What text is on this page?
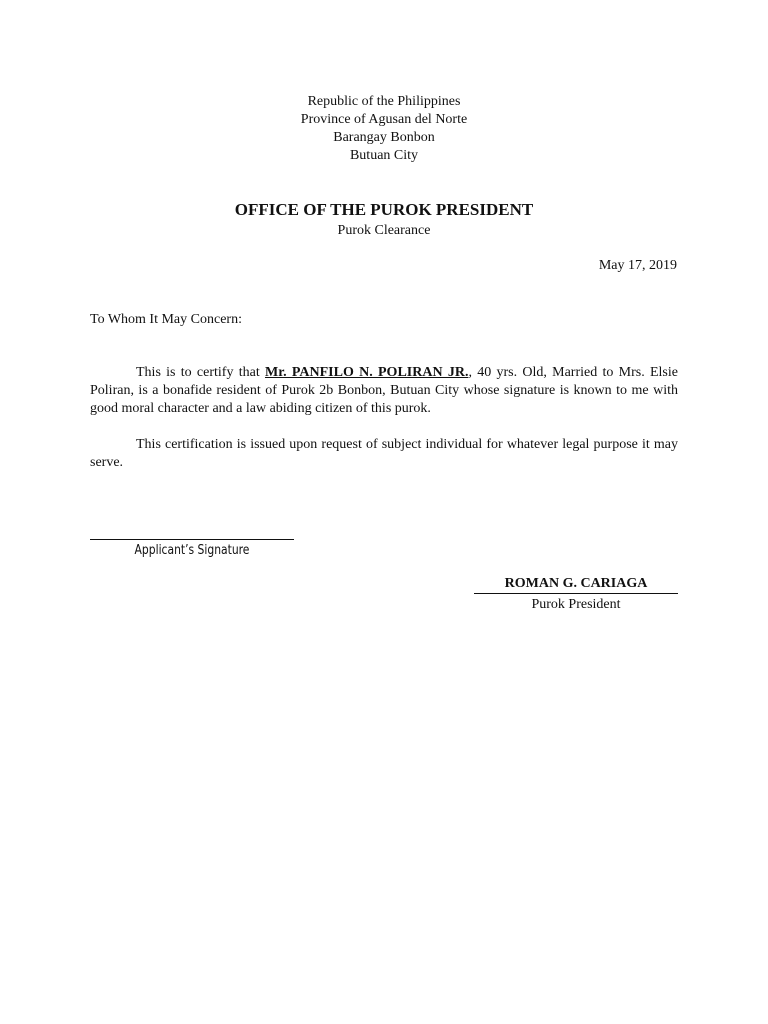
Republic of the Philippines
Province of Agusan del Norte
Barangay Bonbon
Butuan City
OFFICE OF THE PUROK PRESIDENT
Purok Clearance
May 17, 2019
To Whom It May Concern:

This is to certify that Mr. PANFILO N. POLIRAN JR., 40 yrs. Old, Married to Mrs. Elsie Poliran, is a bonafide resident of Purok 2b Bonbon, Butuan City whose signature is known to me with good moral character and a law abiding citizen of this purok.

This certification is issued upon request of subject individual for whatever legal purpose it may serve.

Applicant’s Signature
ROMAN G. CARIAGA
Purok President
